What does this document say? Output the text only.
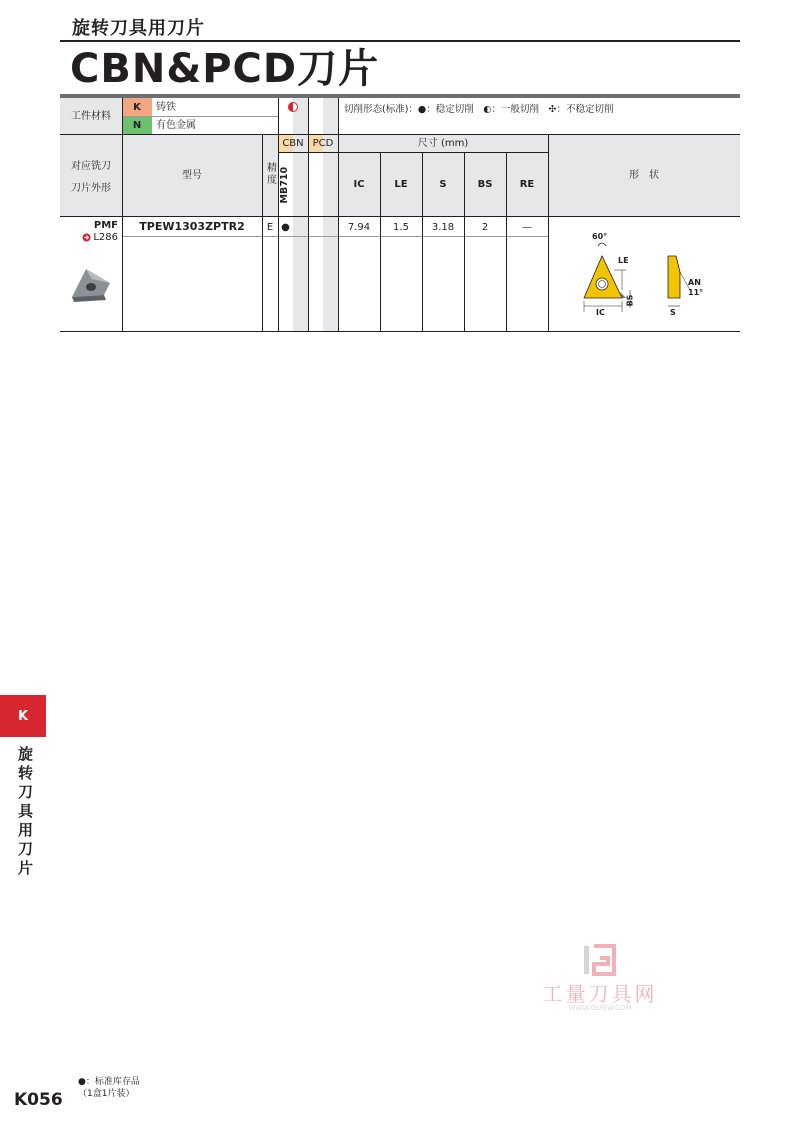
旋转刀具用刀片
CBN&PCD刀片
工件材料
K	铸铁
N	有色金属
切削形态(标准)：●：稳定切削　◐：一般切削　✣：不稳定切削
对应铣刀
刀片外形
型号	精度
CBN PCD
MB710
尺寸 (mm)
IC	LE	S	BS	RE
形　状
PMF
L286
TPEW1303ZPTR2	E ●	7.94	1.5	3.18	2	—
60°
LE
IC
BS
AN
11°
S
K
旋转刀具用刀片
工量刀具网
WWW.GLRJW.COM
●：标准库存品
（1盒1片装）
K056
